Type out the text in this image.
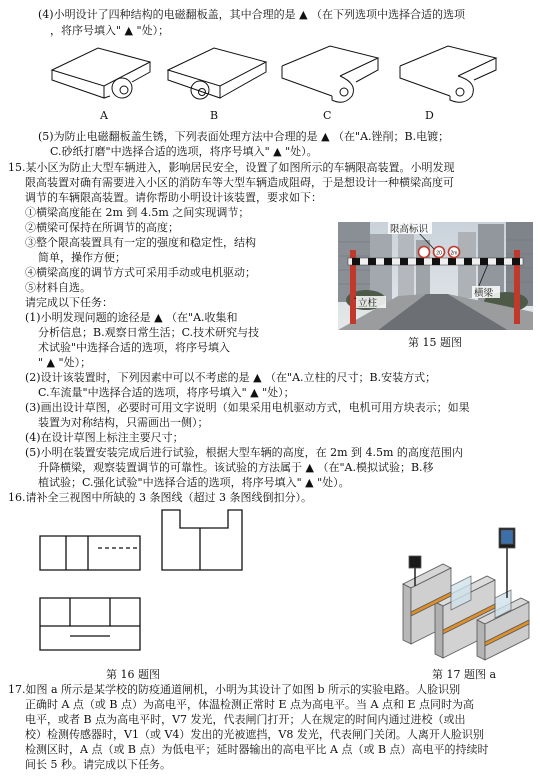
(4)小明设计了四种结构的电磁翻板盖，其中合理的是 ▲ （在下列选项中选择合适的选项
，将序号填入" ▲ "处）；
A	B	C	D
(5)为防止电磁翻板盖生锈，下列表面处理方法中合理的是 ▲ （在"A.锉削；B.电镀；
C.砂纸打磨"中选择合适的选项，将序号填入" ▲ "处）。
15.某小区为防止大型车辆进入，影响居民安全，设置了如图所示的车辆限高装置。小明发现
限高装置对确有需要进入小区的消防车等大型车辆造成阻碍，于是想设计一种横梁高度可
调节的车辆限高装置。请你帮助小明设计该装置，要求如下：
①横梁高度能在 2m 到 4.5m 之间实现调节；
②横梁可保持在所调节的高度；
③整个限高装置具有一定的强度和稳定性，结构
简单，操作方便；
④横梁高度的调节方式可采用手动或电机驱动；
⑤材料自选。
请完成以下任务：
(1)小明发现问题的途径是 ▲ （在"A.收集和
分析信息；B.观察日常生活；C.技术研究与技
术试验"中选择合适的选项，将序号填入
" ▲ "处）；
20 2m
限高标识
立柱
横梁
第 15 题图
(2)设计该装置时，下列因素中可以不考虑的是 ▲ （在"A.立柱的尺寸；B.安装方式；
C.车流量"中选择合适的选项，将序号填入" ▲ "处）；
(3)画出设计草图，必要时可用文字说明（如果采用电机驱动方式，电机可用方块表示；如果
装置为对称结构，只需画出一侧）；
(4)在设计草图上标注主要尺寸；
(5)小明在装置安装完成后进行试验，根据大型车辆的高度，在 2m 到 4.5m 的高度范围内
升降横梁，观察装置调节的可靠性。该试验的方法属于 ▲ （在"A.模拟试验；B.移
植试验；C.强化试验"中选择合适的选项，将序号填入" ▲ "处）。
16.请补全三视图中所缺的 3 条图线（超过 3 条图线倒扣分）。
第 16 题图	第 17 题图 a
17.如图 a 所示是某学校的防疫通道闸机，小明为其设计了如图 b 所示的实验电路。人脸识别
正确时 A 点（或 B 点）为高电平，体温检测正常时 E 点为高电平。当 A 点和 E 点同时为高
电平，或者 B 点为高电平时，V7 发光，代表闸门打开；人在规定的时间内通过进校（或出
校）检测传感器时，V1（或 V4）发出的光被遮挡，V8 发光，代表闸门关闭。人离开人脸识别
检测区时，A 点（或 B 点）为低电平；延时器输出的高电平比 A 点（或 B 点）高电平的持续时
间长 5 秒。请完成以下任务。
